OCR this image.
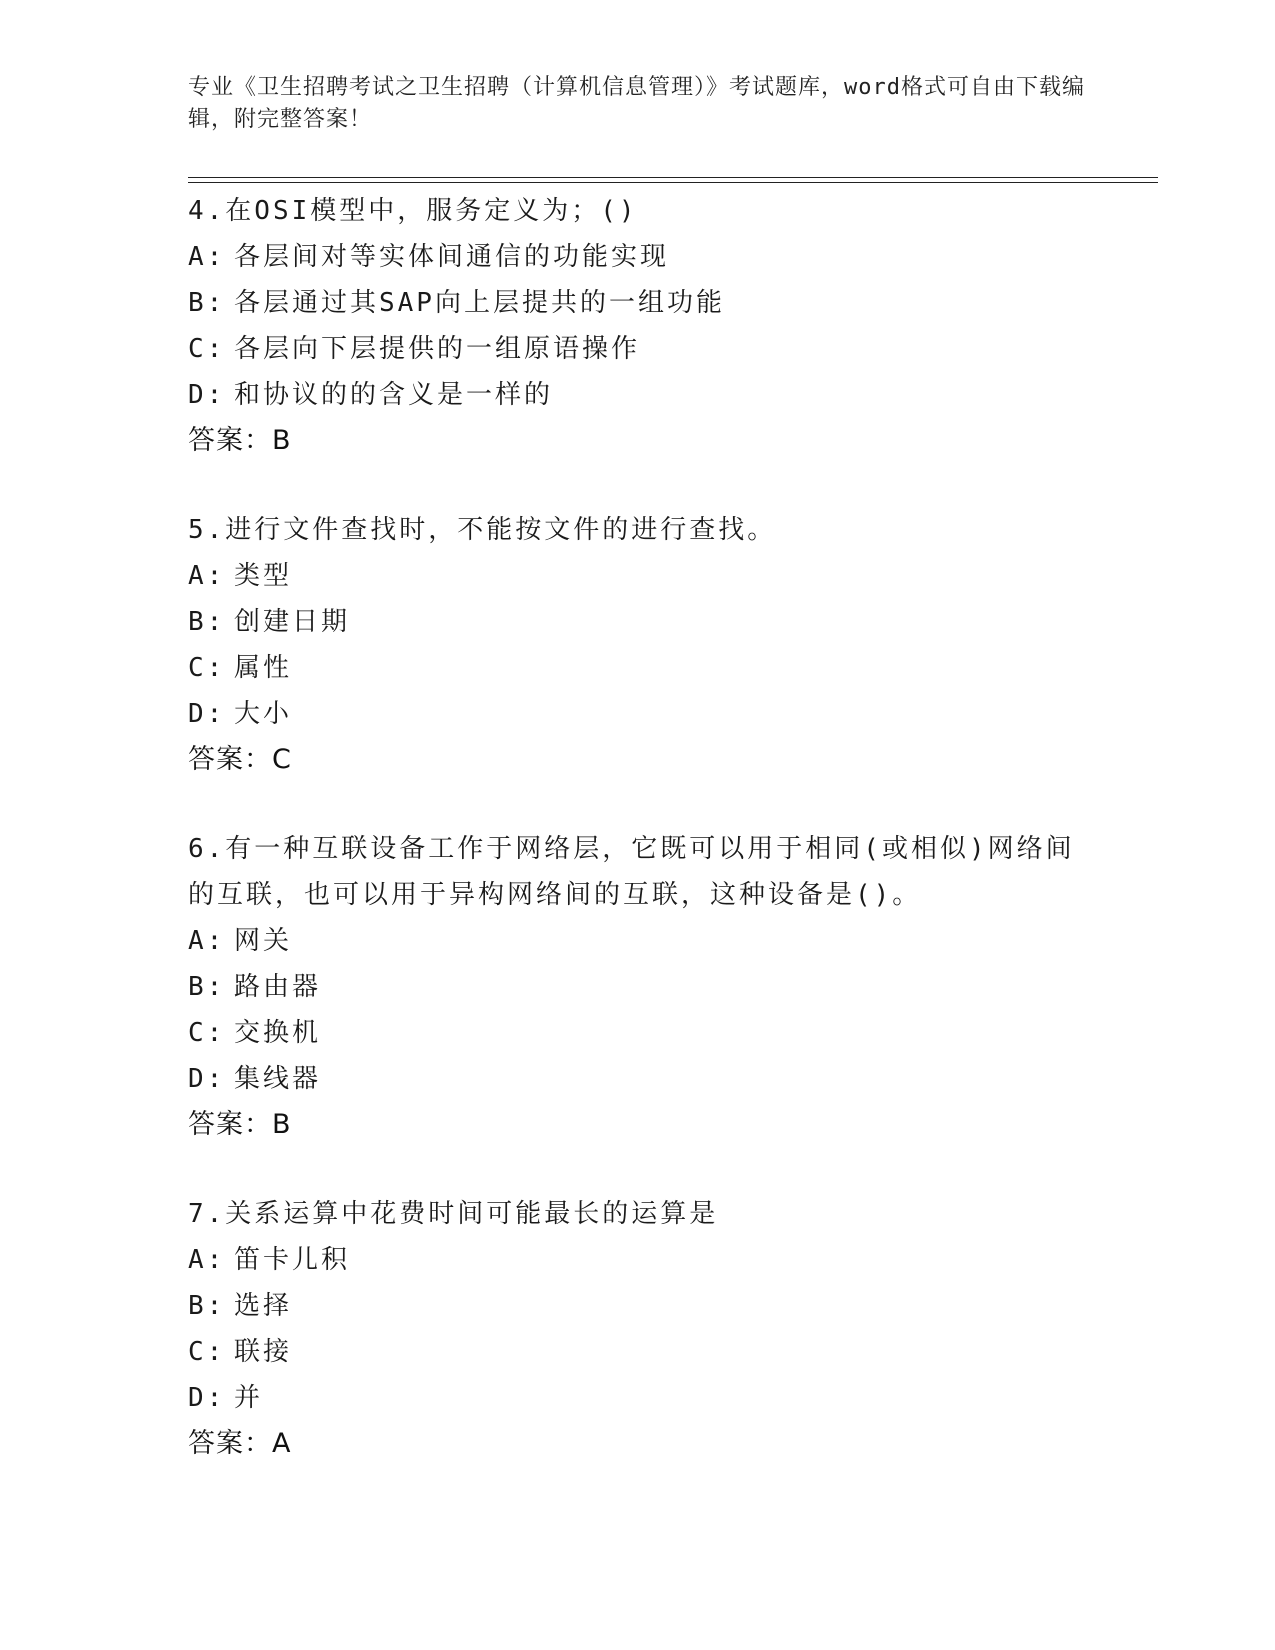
专业《卫生招聘考试之卫生招聘（计算机信息管理）》考试题库，word格式可自由下载编辑，附完整答案！
4.在OSI模型中，服务定义为；()
A: 各层间对等实体间通信的功能实现
B: 各层通过其SAP向上层提共的一组功能
C: 各层向下层提供的一组原语操作
D: 和协议的的含义是一样的
答案：B
5.进行文件查找时，不能按文件的进行查找。
A: 类型
B: 创建日期
C: 属性
D: 大小
答案：C
6.有一种互联设备工作于网络层，它既可以用于相同(或相似)网络间的互联，也可以用于异构网络间的互联，这种设备是()。
A: 网关
B: 路由器
C: 交换机
D: 集线器
答案：B
7.关系运算中花费时间可能最长的运算是
A: 笛卡儿积
B: 选择
C: 联接
D: 并
答案：A
